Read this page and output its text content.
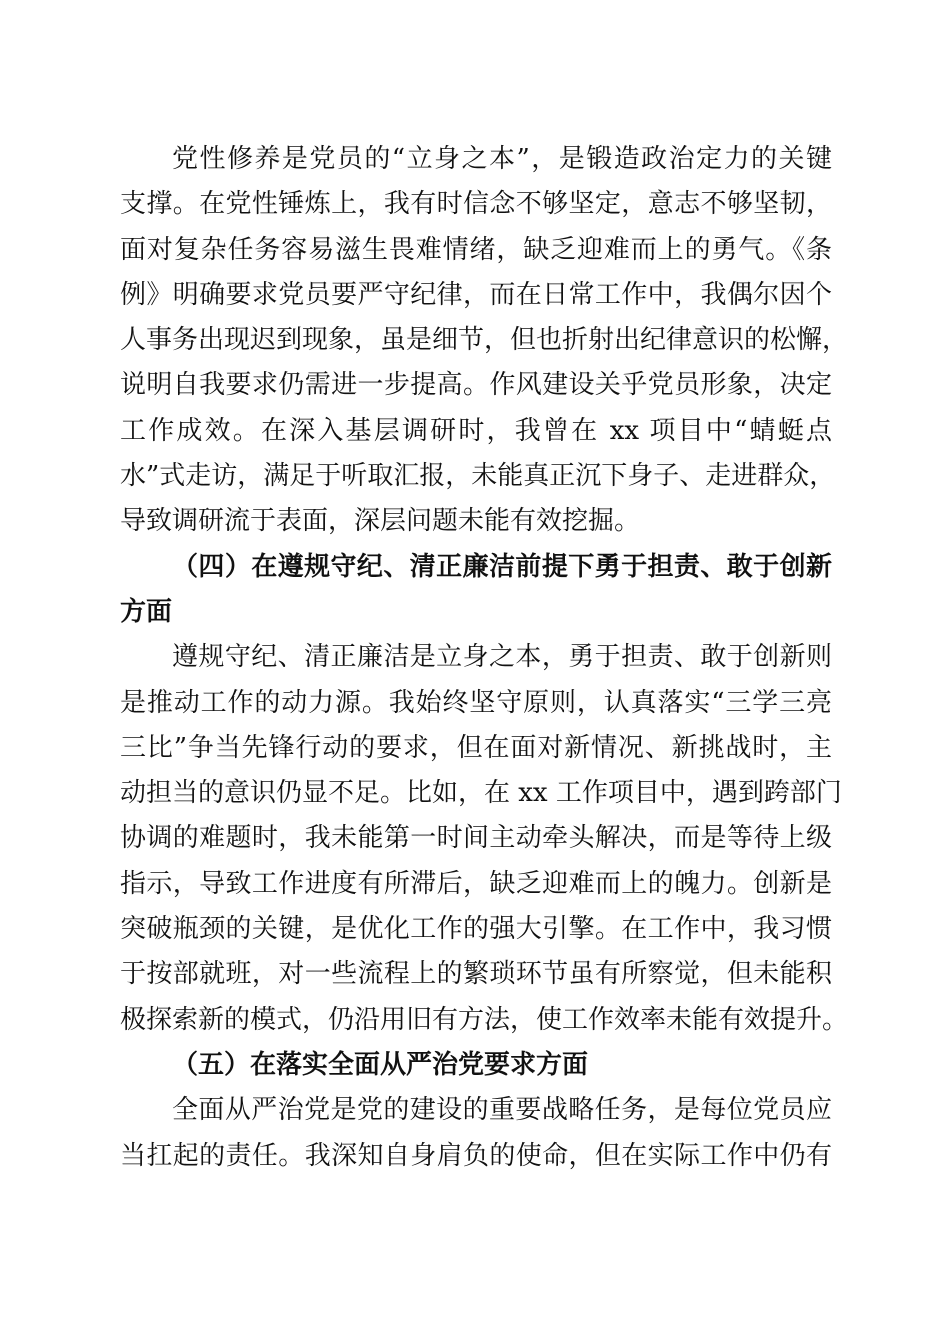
党性修养是党员的“立身之本”，是锻造政治定力的关键
支撑。在党性锤炼上，我有时信念不够坚定，意志不够坚韧，
面对复杂任务容易滋生畏难情绪，缺乏迎难而上的勇气。《条
例》明确要求党员要严守纪律，而在日常工作中，我偶尔因个
人事务出现迟到现象，虽是细节，但也折射出纪律意识的松懈，
说明自我要求仍需进一步提高。作风建设关乎党员形象，决定
工作成效。在深入基层调研时，我曾在 xx 项目中“蜻蜓点
水”式走访，满足于听取汇报，未能真正沉下身子、走进群众，
导致调研流于表面，深层问题未能有效挖掘。
（四）在遵规守纪、清正廉洁前提下勇于担责、敢于创新
方面
遵规守纪、清正廉洁是立身之本，勇于担责、敢于创新则
是推动工作的动力源。我始终坚守原则，认真落实“三学三亮
三比”争当先锋行动的要求，但在面对新情况、新挑战时，主
动担当的意识仍显不足。比如，在 xx 工作项目中，遇到跨部门
协调的难题时，我未能第一时间主动牵头解决，而是等待上级
指示，导致工作进度有所滞后，缺乏迎难而上的魄力。创新是
突破瓶颈的关键，是优化工作的强大引擎。在工作中，我习惯
于按部就班，对一些流程上的繁琐环节虽有所察觉，但未能积
极探索新的模式，仍沿用旧有方法，使工作效率未能有效提升。
（五）在落实全面从严治党要求方面
全面从严治党是党的建设的重要战略任务，是每位党员应
当扛起的责任。我深知自身肩负的使命，但在实际工作中仍有
